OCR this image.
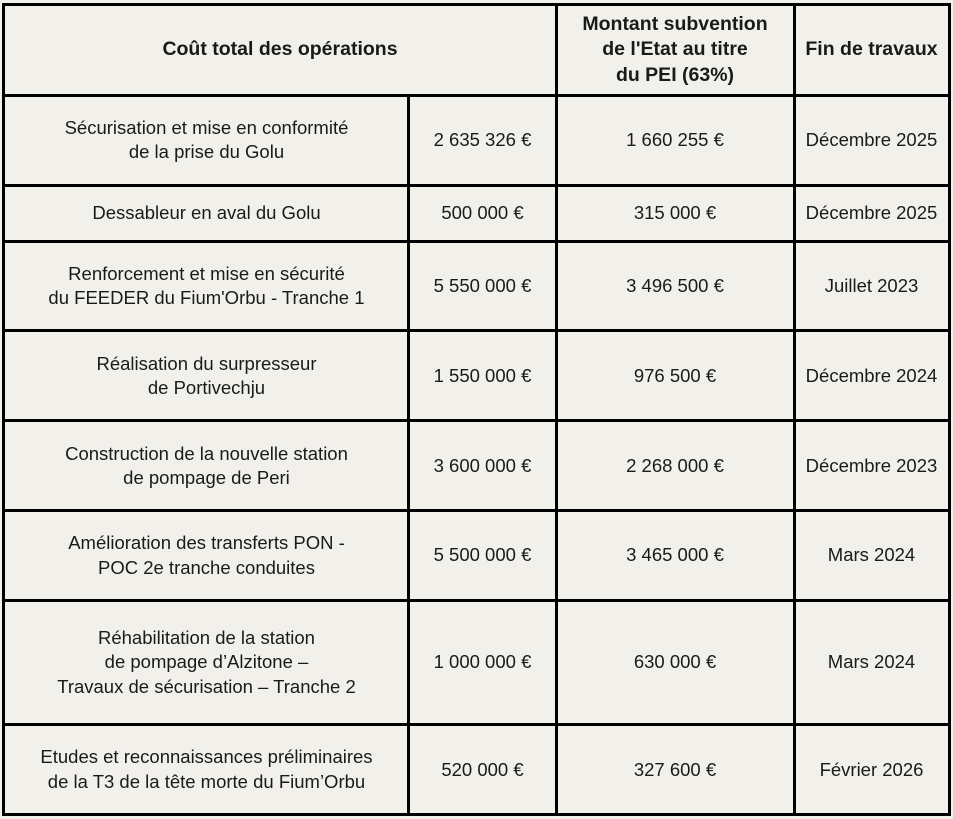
Coût total des opérations		Montant subvention
de l'Etat au titre
du PEI (63%)	Fin de travaux

Sécurisation et mise en conformité
de la prise du Golu	2 635 326 €	1 660 255 €	Décembre 2025

Dessableur en aval du Golu	500 000 €	315 000 €	Décembre 2025

Renforcement et mise en sécurité
du FEEDER du Fium'Orbu - Tranche 1	5 550 000 €	3 496 500 €	Juillet 2023

Réalisation du surpresseur
de Portivechju	1 550 000 €	976 500 €	Décembre 2024

Construction de la nouvelle station
de pompage de Peri	3 600 000 €	2 268 000 €	Décembre 2023

Amélioration des transferts PON -
POC 2e tranche conduites	5 500 000 €	3 465 000 €	Mars 2024

Réhabilitation de la station
de pompage d’Alzitone –
Travaux de sécurisation – Tranche 2	1 000 000 €	630 000 €	Mars 2024

Etudes et reconnaissances préliminaires
de la T3 de la tête morte du Fium’Orbu	520 000 €	327 600 €	Février 2026
